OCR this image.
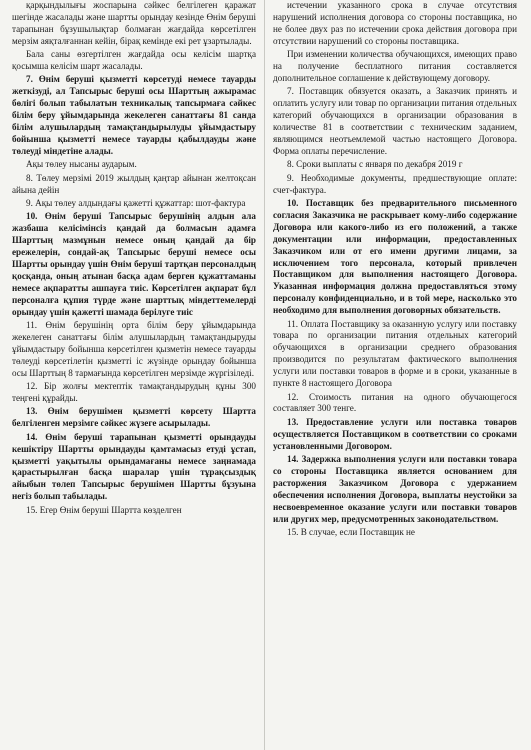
қарқындылығы жоспарына сәйкес белгілеген қаражат шегінде жасалады және шартты орындау кезінде Өнім беруші тарапынан бұзушылықтар болмаған жағдайда көрсетілген мерзім аяқталғаннан кейін, бірақ кемінде екі рет ұзартылады.

Бала саны өзгертілген жағдайда осы келісім шартқа қосымша келісім шарт жасалады.

7. Өнім беруші қызметті көрсетуді немесе тауарды жеткізуді, ал Тапсырыс беруші осы Шарттың ажырамас бөлігі болып табылатын техникалық тапсырмаға сәйкес білім беру ұйымдарында жекелеген санаттағы 81 санда білім алушылардың тамақтандырылуды ұйымдастыру бойынша қызметті немесе тауарды қабылдауды және төлеуді міндетіне алады.

Ақы төлеу нысаны аударым.

8. Төлеу мерзімі 2019 жылдың қаңтар айынан желтоқсан айына дейін

9. Ақы төлеу алдындағы қажетті құжаттар: шот-фактура

10. Өнім беруші Тапсырыс берушінің алдын ала жазбаша келісімінсіз қандай да болмасын адамға Шарттың мазмұнын немесе оның қандай да бір ережелерін, сондай-ақ Тапсырыс беруші немесе осы Шартты орындау үшін Өнім беруші тартқан персоналдың қосқанда, оның атынан басқа адам берген құжаттаманы немесе ақпаратты ашпауға тиіс. Көрсетілген ақпарат бұл персоналға құпия түрде және шарттық міндеттемелерді орындау үшін қажетті шамада берілуге тиіс

11. Өнім берушінің орта білім беру ұйымдарында жекелеген санаттағы білім алушылардың тамақтандыруды ұйымдастыру бойынша көрсетілген қызметін немесе тауарды төлеуді көрсетілетін қызметті іс жүзінде орындау бойынша осы Шарттың 8 тармағында көрсетілген мерзімде жүргізіледі.

12. Бір жолғы мектептік тамақтандырудың құны 300 теңгені құрайды.

13. Өнім берушімен қызметті көрсету Шартта белгіленген мерзімге сәйкес жүзеге асырылады.

14. Өнім беруші тарапынан қызметті орындауды кешіктіру Шартты орындауды қамтамасыз етуді ұстап, қызметті уақытылы орындамағаны немесе заңнамада қарастырылған басқа шаралар үшін тұрақсыздық айыбын төлеп Тапсырыс берушімен Шартты бұзуына негіз болып табылады.

15. Егер Өнім беруші Шартта көзделген

истечении указанного срока в случае отсутствия нарушений исполнения договора со стороны поставщика, но не более двух раз по истечении срока действия договора при отсутствии нарушений со стороны поставщика.

При изменении количества обучающихся, имеющих право на получение бесплатного питания составляется дополнительное соглашение к действующему договору.

7. Поставщик обязуется оказать, а Заказчик принять и оплатить услугу или товар по организации питания отдельных категорий обучающихся в организации образования в количестве 81 в соответствии с техническим заданием, являющимся неотъемлемой частью настоящего Договора. Форма оплаты перечисление.

8. Сроки выплаты с января по декабря 2019 г

9. Необходимые документы, предшествующие оплате: счет-фактура.

10. Поставщик без предварительного письменного согласия Заказчика не раскрывает кому-либо содержание Договора или какого-либо из его положений, а также документации или информации, предоставленных Заказчиком или от его имени другими лицами, за исключением того персонала, который привлечен Поставщиком для выполнения настоящего Договора. Указанная информация должна предоставляться этому персоналу конфиденциально, и в той мере, насколько это необходимо для выполнения договорных обязательств.

11. Оплата Поставщику за оказанную услугу или поставку товара по организации питания отдельных категорий обучающихся в организации среднего образования производится по результатам фактического выполнения услуги или поставки товаров в форме и в сроки, указанные в пункте 8 настоящего Договора

12. Стоимость питания на одного обучающегося составляет 300 тенге.

13. Предоставление услуги или поставка товаров осуществляется Поставщиком в соответствии со сроками установленными Договором.

14. Задержка выполнения услуги или поставки товара со стороны Поставщика является основанием для расторжения Заказчиком Договора с удержанием обеспечения исполнения Договора, выплаты неустойки за несвоевременное оказание услуги или поставки товаров или других мер, предусмотренных законодательством.

15. В случае, если Поставщик не
